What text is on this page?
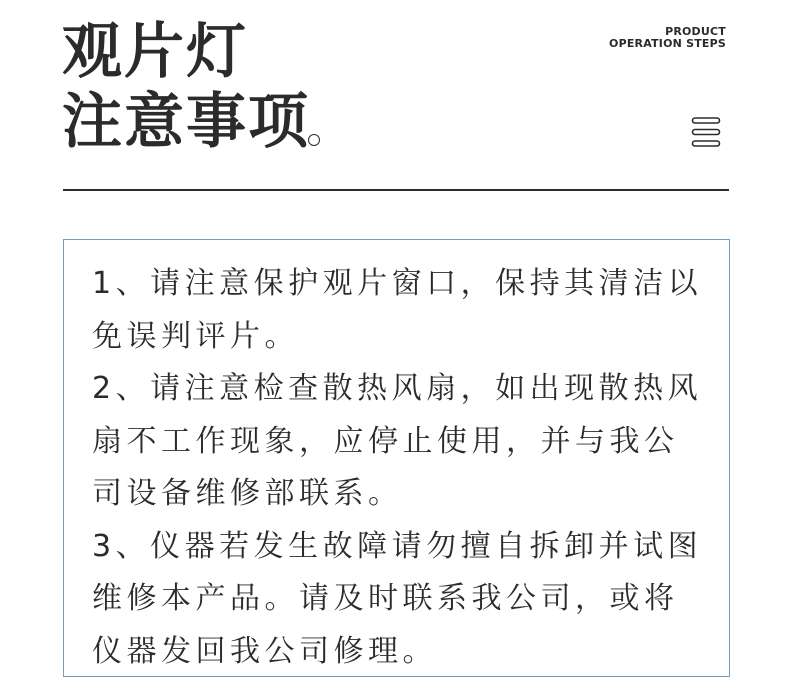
观片灯
注意事项
PRODUCT
OPERATION STEPS

1、请注意保护观片窗口，保持其清洁以免误判评片。

2、请注意检查散热风扇，如出现散热风扇不工作现象，应停止使用，并与我公司设备维修部联系。

3、仪器若发生故障请勿擅自拆卸并试图维修本产品。请及时联系我公司，或将仪器发回我公司修理。
